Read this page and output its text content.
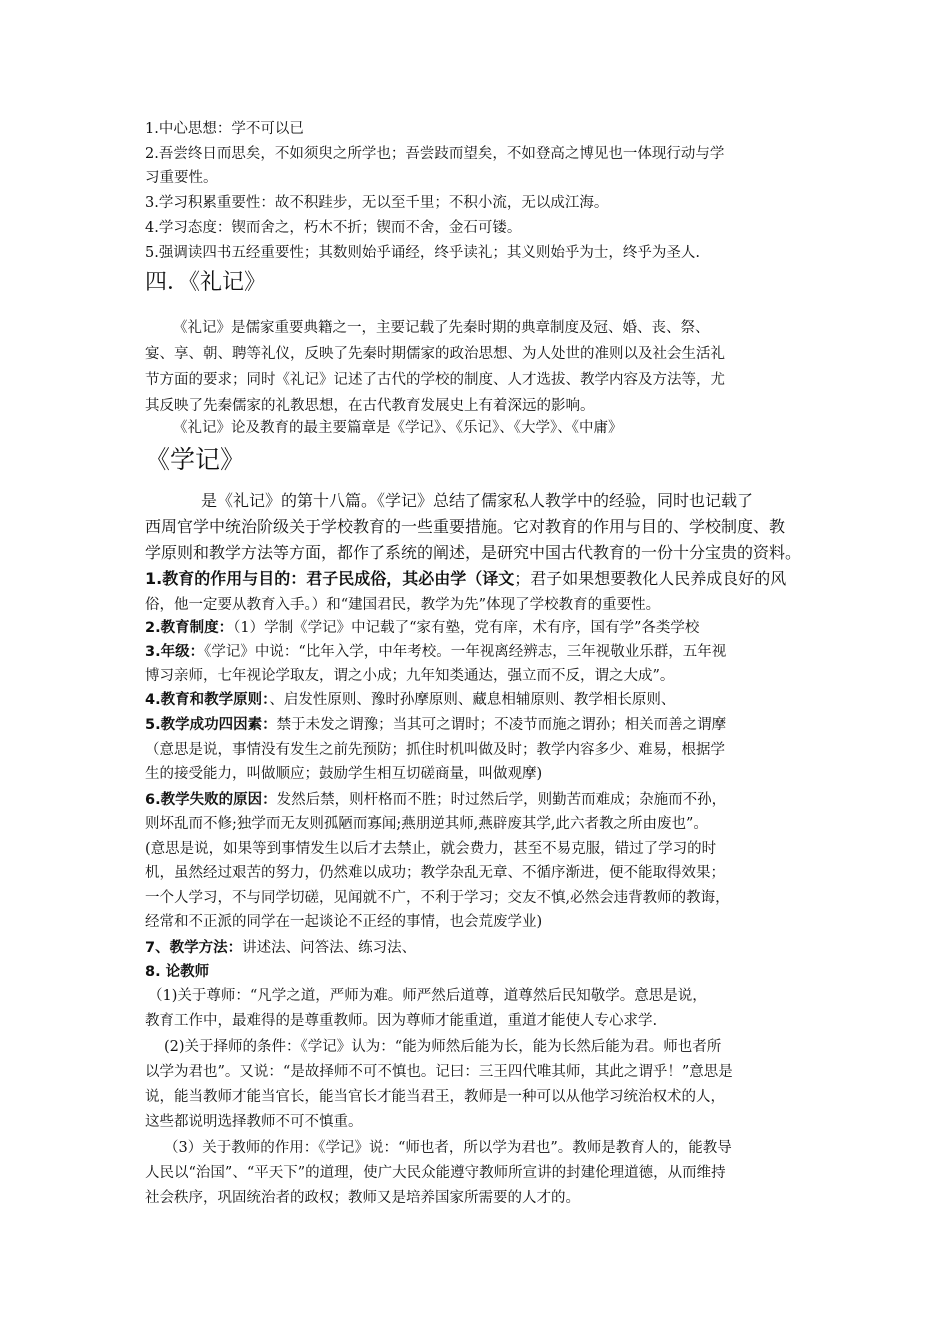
1.中心思想：学不可以已
2.吾尝终日而思矣，不如须臾之所学也；吾尝跂而望矣，不如登高之博见也一体现行动与学
习重要性。
3.学习积累重要性：故不积跬步，无以至千里；不积小流，无以成江海。
4.学习态度：锲而舍之，朽木不折；锲而不舍，金石可镂。
5.强调读四书五经重要性；其数则始乎诵经，终乎读礼；其义则始乎为士，终乎为圣人.
四．《礼记》
《礼记》是儒家重要典籍之一，主要记载了先秦时期的典章制度及冠、婚、丧、祭、
宴、享、朝、聘等礼仪，反映了先秦时期儒家的政治思想、为人处世的准则以及社会生活礼
节方面的要求；同时《礼记》记述了古代的学校的制度、人才选拔、教学内容及方法等，尤
其反映了先秦儒家的礼教思想，在古代教育发展史上有着深远的影响。
《礼记》论及教育的最主要篇章是《学记》、《乐记》、《大学》、《中庸》
《学记》
是《礼记》的第十八篇。《学记》总结了儒家私人教学中的经验，同时也记载了
西周官学中统治阶级关于学校教育的一些重要措施。它对教育的作用与目的、学校制度、教
学原则和教学方法等方面，都作了系统的阐述，是研究中国古代教育的一份十分宝贵的资料。
1.教育的作用与目的：君子民成俗，其必由学（译文；君子如果想要教化人民养成良好的风
俗，他一定要从教育入手。）和“建国君民，教学为先”体现了学校教育的重要性。
2.教育制度：（1）学制《学记》中记载了“家有塾，党有庠，术有序，国有学”各类学校
3.年级：《学记》中说：“比年入学，中年考校。一年视离经辨志，三年视敬业乐群，五年视
博习亲师，七年视论学取友，谓之小成；九年知类通达，强立而不反，谓之大成”。
4.教育和教学原则：、启发性原则、豫时孙摩原则、藏息相辅原则、教学相长原则、
5.教学成功四因素：禁于未发之谓豫；当其可之谓时；不凌节而施之谓孙；相关而善之谓摩
（意思是说，事情没有发生之前先预防；抓住时机叫做及时；教学内容多少、难易，根据学
生的接受能力，叫做顺应；鼓励学生相互切磋商量，叫做观摩)
6.教学失败的原因：发然后禁，则杆格而不胜；时过然后学，则勤苦而难成；杂施而不孙，
则坏乱而不修;独学而无友则孤陋而寡闻;燕朋逆其师,燕辟废其学,此六者教之所由废也”。
(意思是说，如果等到事情发生以后才去禁止，就会费力，甚至不易克服，错过了学习的时
机，虽然经过艰苦的努力，仍然难以成功；教学杂乱无章、不循序渐进，便不能取得效果；
一个人学习，不与同学切磋，见闻就不广，不利于学习；交友不慎,必然会违背教师的教诲，
经常和不正派的同学在一起谈论不正经的事情，也会荒废学业)
7、教学方法：讲述法、问答法、练习法、
8. 论教师
（1)关于尊师：“凡学之道，严师为难。师严然后道尊，道尊然后民知敬学。意思是说，
教育工作中，最难得的是尊重教师。因为尊师才能重道，重道才能使人专心求学.
(2)关于择师的条件：《学记》认为：“能为师然后能为长，能为长然后能为君。师也者所
以学为君也”。又说：“是故择师不可不慎也。记曰：三王四代唯其师，其此之谓乎！”意思是
说，能当教师才能当官长，能当官长才能当君王，教师是一种可以从他学习统治权术的人，
这些都说明选择教师不可不慎重。
（3）关于教师的作用：《学记》说：“师也者，所以学为君也”。教师是教育人的，能教导
人民以“治国”、“平天下”的道理，使广大民众能遵守教师所宣讲的封建伦理道德，从而维持
社会秩序，巩固统治者的政权；教师又是培养国家所需要的人才的。
